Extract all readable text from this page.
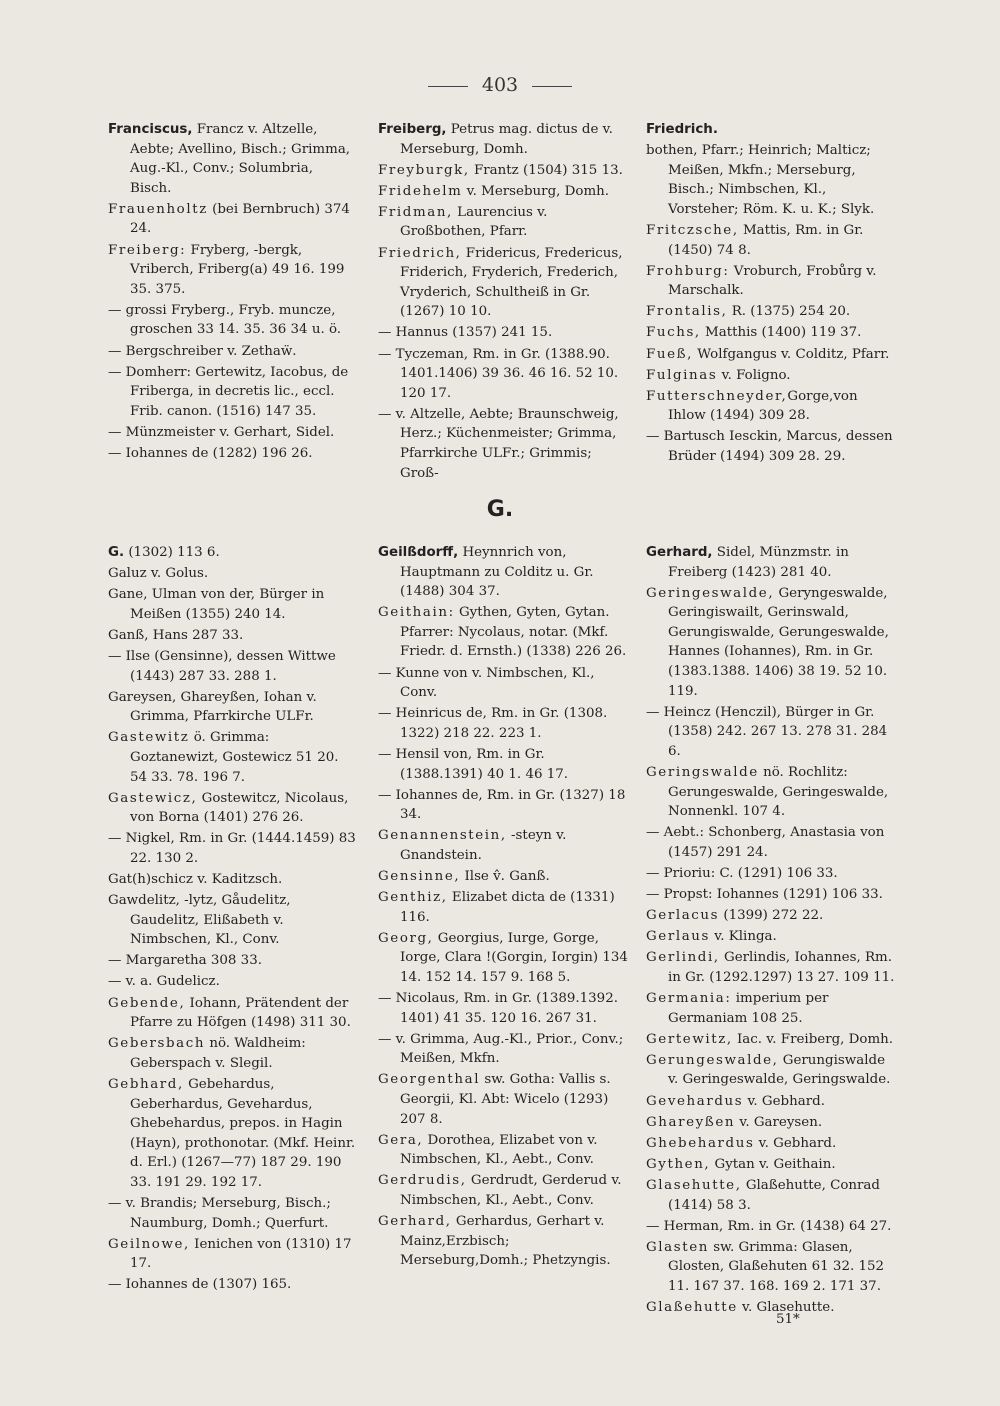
403

Franciscus, Francz v. Altzelle, Aebte; Avellino, Bisch.; Grimma, Aug.-Kl., Conv.; Solumbria, Bisch.

Frauenholtz (bei Bernbruch) 374 24.

Freiberg: Fryberg, -bergk, Vriberch, Friberg(a) 49 16. 199 35. 375.

— grossi Fryberg., Fryb. muncze, groschen 33 14. 35. 36 34 u. ö.

— Bergschreiber v. Zethaẅ.

— Domherr: Gertewitz, Iacobus, de Friberga, in decretis lic., eccl. Frib. canon. (1516) 147 35.

— Münzmeister v. Gerhart, Sidel.

— Iohannes de (1282) 196 26.

Freiberg, Petrus mag. dictus de v. Merseburg, Domh.

Freyburgk, Frantz (1504) 315 13.

Fridehelm v. Merseburg, Domh.

Fridman, Laurencius v. Großbothen, Pfarr.

Friedrich, Fridericus, Fredericus, Friderich, Fryderich, Frederich, Vryderich, Schultheiß in Gr. (1267) 10 10.

— Hannus (1357) 241 15.

— Tyczeman, Rm. in Gr. (1388.90. 1401.1406) 39 36. 46 16. 52 10. 120 17.

— v. Altzelle, Aebte; Braunschweig, Herz.; Küchenmeister; Grimma, Pfarrkirche ULFr.; Grimmis; Groß-

Friedrich.

bothen, Pfarr.; Heinrich; Malticz; Meißen, Mkfn.; Merseburg, Bisch.; Nimbschen, Kl., Vorsteher; Röm. K. u. K.; Slyk.

Fritczsche, Mattis, Rm. in Gr. (1450) 74 8.

Frohburg: Vroburch, Frobůrg v. Marschalk.

Frontalis, R. (1375) 254 20.

Fuchs, Matthis (1400) 119 37.

Fueß, Wolfgangus v. Colditz, Pfarr.

Fulginas v. Foligno.

Futterschneyder,Gorge,von Ihlow (1494) 309 28.

— Bartusch Iesckin, Marcus, dessen Brüder (1494) 309 28. 29.

G.

G. (1302) 113 6.

Galuz v. Golus.

Gane, Ulman von der, Bürger in Meißen (1355) 240 14.

Ganß, Hans 287 33.

— Ilse (Gensinne), dessen Wittwe (1443) 287 33. 288 1.

Gareysen, Ghareyßen, Iohan v. Grimma, Pfarrkirche ULFr.

Gastewitz ö. Grimma: Goztanewizt, Gostewicz 51 20. 54 33. 78. 196 7.

Gastewicz, Gostewitcz, Nicolaus, von Borna (1401) 276 26.

— Nigkel, Rm. in Gr. (1444.1459) 83 22. 130 2.

Gat(h)schicz v. Kaditzsch.

Gawdelitz, -lytz, Gåudelitz, Gaudelitz, Elißabeth v. Nimbschen, Kl., Conv.

— Margaretha 308 33.

— v. a. Gudelicz.

Gebende, Iohann, Prätendent der Pfarre zu Höfgen (1498) 311 30.

Gebersbach nö. Waldheim: Geberspach v. Slegil.

Gebhard, Gebehardus, Geberhardus, Gevehardus, Ghebehardus, prepos. in Hagin (Hayn), prothonotar. (Mkf. Heinr. d. Erl.) (1267—77) 187 29. 190 33. 191 29. 192 17.

— v. Brandis; Merseburg, Bisch.; Naumburg, Domh.; Querfurt.

Geilnowe, Ienichen von (1310) 17 17.

— Iohannes de (1307) 165.

Geilßdorff, Heynnrich von, Hauptmann zu Colditz u. Gr. (1488) 304 37.

Geithain: Gythen, Gyten, Gytan. Pfarrer: Nycolaus, notar. (Mkf. Friedr. d. Ernsth.) (1338) 226 26.

— Kunne von v. Nimbschen, Kl., Conv.

— Heinricus de, Rm. in Gr. (1308. 1322) 218 22. 223 1.

— Hensil von, Rm. in Gr. (1388.1391) 40 1. 46 17.

— Iohannes de, Rm. in Gr. (1327) 18 34.

Genannenstein, -steyn v. Gnandstein.

Gensinne, Ilse v̂. Ganß.

Genthiz, Elizabet dicta de (1331) 116.

Georg, Georgius, Iurge, Gorge, Iorge, Clara !(Gorgin, Iorgin) 134 14. 152 14. 157 9. 168 5.

— Nicolaus, Rm. in Gr. (1389.1392. 1401) 41 35. 120 16. 267 31.

— v. Grimma, Aug.-Kl., Prior., Conv.; Meißen, Mkfn.

Georgenthal sw. Gotha: Vallis s. Georgii, Kl. Abt: Wicelo (1293) 207 8.

Gera, Dorothea, Elizabet von v. Nimbschen, Kl., Aebt., Conv.

Gerdrudis, Gerdrudt, Gerderud v. Nimbschen, Kl., Aebt., Conv.

Gerhard, Gerhardus, Gerhart v. Mainz,Erzbisch; Merseburg,Domh.; Phetzyngis.

Gerhard, Sidel, Münzmstr. in Freiberg (1423) 281 40.

Geringeswalde, Geryngeswalde, Geringiswailt, Gerinswald, Gerungiswalde, Gerungeswalde, Hannes (Iohannes), Rm. in Gr. (1383.1388. 1406) 38 19. 52 10. 119.

— Heincz (Henczil), Bürger in Gr. (1358) 242. 267 13. 278 31. 284 6.

Geringswalde nö. Rochlitz: Gerungeswalde, Geringeswalde, Nonnenkl. 107 4.

— Aebt.: Schonberg, Anastasia von (1457) 291 24.

— Prioriu: C. (1291) 106 33.

— Propst: Iohannes (1291) 106 33.

Gerlacus (1399) 272 22.

Gerlaus v. Klinga.

Gerlindi, Gerlindis, Iohannes, Rm. in Gr. (1292.1297) 13 27. 109 11.

Germania: imperium per Germaniam 108 25.

Gertewitz, Iac. v. Freiberg, Domh.

Gerungeswalde, Gerungiswalde v. Geringeswalde, Geringswalde.

Gevehardus v. Gebhard.

Ghareyßen v. Gareysen.

Ghebehardus v. Gebhard.

Gythen, Gytan v. Geithain.

Glasehutte, Glaßehutte, Conrad (1414) 58 3.

— Herman, Rm. in Gr. (1438) 64 27.

Glasten sw. Grimma: Glasen, Glosten, Glaßehuten 61 32. 152 11. 167 37. 168. 169 2. 171 37.

Glaßehutte v. Glasehutte.

51*
